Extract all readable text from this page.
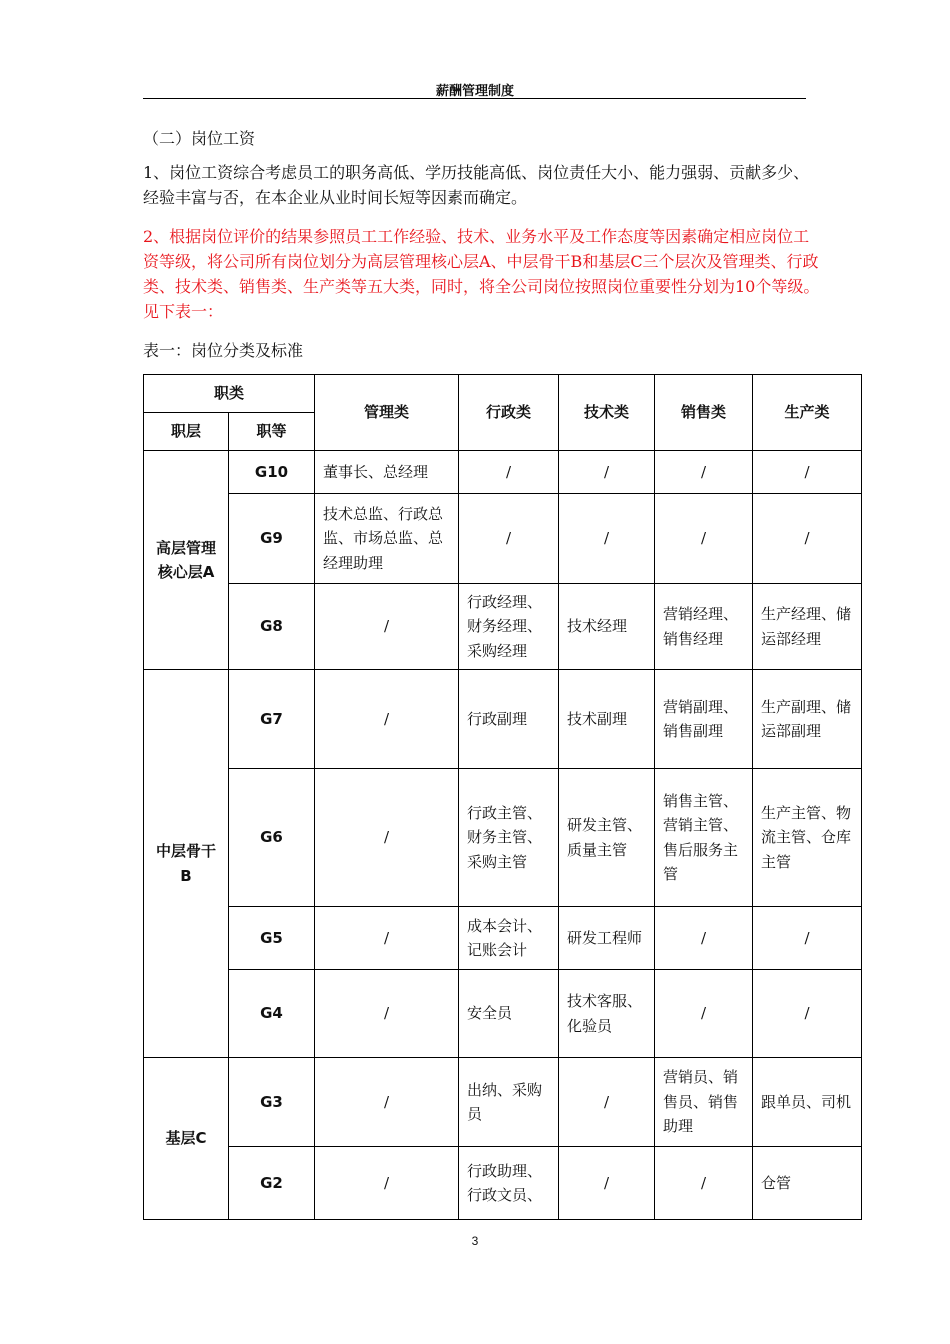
薪酬管理制度
（二）岗位工资
1、岗位工资综合考虑员工的职务高低、学历技能高低、岗位责任大小、能力强弱、贡献多少、经验丰富与否，在本企业从业时间长短等因素而确定。
2、根据岗位评价的结果参照员工工作经验、技术、业务水平及工作态度等因素确定相应岗位工资等级，将公司所有岗位划分为高层管理核心层A、中层骨干B和基层C三个层次及管理类、行政类、技术类、销售类、生产类等五大类，同时，将全公司岗位按照岗位重要性分划为10个等级。见下表一：
表一：岗位分类及标准
职类		管理类	行政类	技术类	销售类	生产类
职层	职等					
高层管理核心层A	G10	董事长、总经理	/	/	/	/
	G9	技术总监、行政总监、市场总监、总经理助理	/	/	/	/
	G8	/	行政经理、财务经理、采购经理	技术经理	营销经理、销售经理	生产经理、储运部经理
中层骨干B	G7	/	行政副理	技术副理	营销副理、销售副理	生产副理、储运部副理
	G6	/	行政主管、财务主管、采购主管	研发主管、质量主管	销售主管、营销主管、售后服务主管	生产主管、物流主管、仓库主管
	G5	/	成本会计、记账会计	研发工程师	/	/
	G4	/	安全员	技术客服、化验员	/	/
基层C	G3	/	出纳、采购员	/	营销员、销售员、销售助理	跟单员、司机
	G2	/	行政助理、行政文员、	/	/	仓管
3
